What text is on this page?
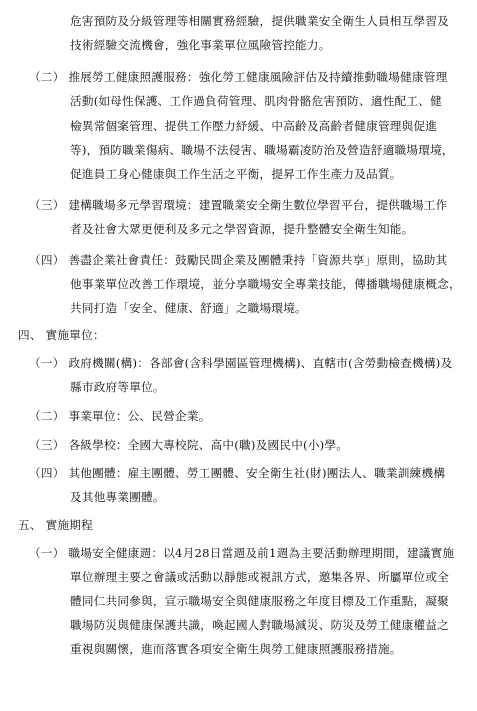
危害預防及分級管理等相關實務經驗，提供職業安全衛生人員相互學習及
技術經驗交流機會，強化事業單位風險管控能力。
（二） 推展勞工健康照護服務：強化勞工健康風險評估及持續推動職場健康管理
活動(如母性保護、工作過負荷管理、肌肉骨骼危害預防、適性配工、健
檢異常個案管理、提供工作壓力紓緩、中高齡及高齡者健康管理與促進
等)，預防職業傷病、職場不法侵害、職場霸凌防治及營造舒適職場環境，
促進員工身心健康與工作生活之平衡，提昇工作生產力及品質。
（三） 建構職場多元學習環境：建置職業安全衛生數位學習平台，提供職場工作
者及社會大眾更便利及多元之學習資源，提升整體安全衛生知能。
（四） 善盡企業社會責任：鼓勵民間企業及團體秉持「資源共享」原則，協助其
他事業單位改善工作環境，並分享職場安全專業技能，傳播職場健康概念，
共同打造「安全、健康、舒適」之職場環境。
四、 實施單位：
（一） 政府機關(構)：各部會(含科學園區管理機構)、直轄市(含勞動檢查機構)及
縣市政府等單位。
（二） 事業單位：公、民營企業。
（三） 各級學校：全國大專校院、高中(職)及國民中(小)學。
（四） 其他團體：雇主團體、勞工團體、安全衛生社(財)團法人、職業訓練機構
及其他專業團體。
五、 實施期程
（一） 職場安全健康週：以4月28日當週及前1週為主要活動辦理期間，建議實施
單位辦理主要之會議或活動以靜態或視訊方式，邀集各界、所屬單位或全
體同仁共同參與，宣示職場安全與健康服務之年度目標及工作重點，凝聚
職場防災與健康保護共識，喚起國人對職場減災、防災及勞工健康權益之
重視與關懷，進而落實各項安全衛生與勞工健康照護服務措施。
